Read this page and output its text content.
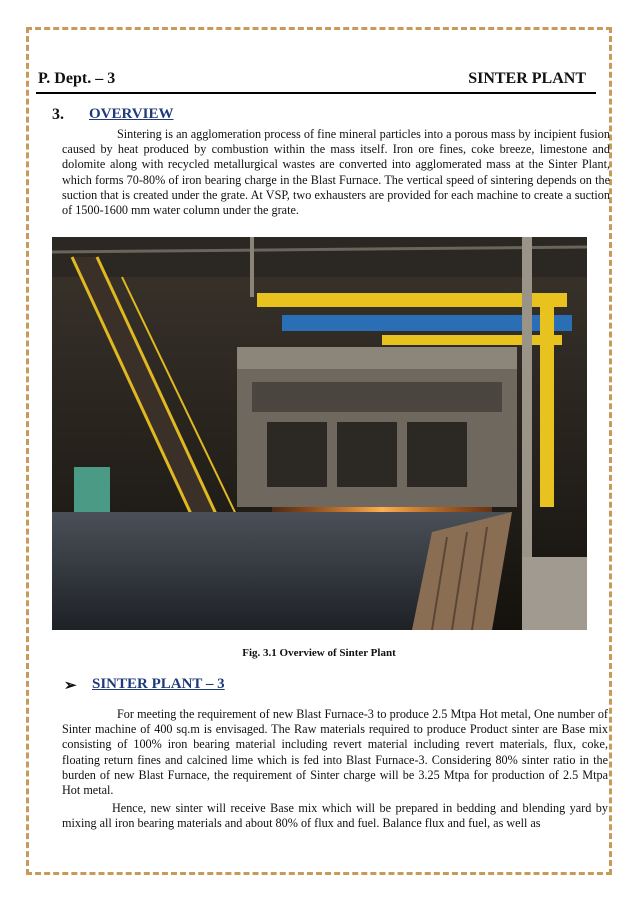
P. Dept. – 3	SINTER PLANT
3. OVERVIEW

Sintering is an agglomeration process of fine mineral particles into a porous mass by incipient fusion caused by heat produced by combustion within the mass itself. Iron ore fines, coke breeze, limestone and dolomite along with recycled metallurgical wastes are converted into agglomerated mass at the Sinter Plant, which forms 70-80% of iron bearing charge in the Blast Furnace. The vertical speed of sintering depends on the suction that is created under the grate. At VSP, two exhausters are provided for each machine to create a suction of 1500-1600 mm water column under the grate.

Fig. 3.1 Overview of Sinter Plant
➢ SINTER PLANT – 3

For meeting the requirement of new Blast Furnace-3 to produce 2.5 Mtpa Hot metal, One number of Sinter machine of 400 sq.m is envisaged. The Raw materials required to produce Product sinter are Base mix consisting of 100% iron bearing material including revert material including revert materials, flux, coke, floating return fines and calcined lime which is fed into Blast Furnace-3. Considering 80% sinter ratio in the burden of new Blast Furnace, the requirement of Sinter charge will be 3.25 Mtpa for production of 2.5 Mtpa Hot metal.

Hence, new sinter will receive Base mix which will be prepared in bedding and blending yard by mixing all iron bearing materials and about 80% of flux and fuel. Balance flux and fuel, as well as
